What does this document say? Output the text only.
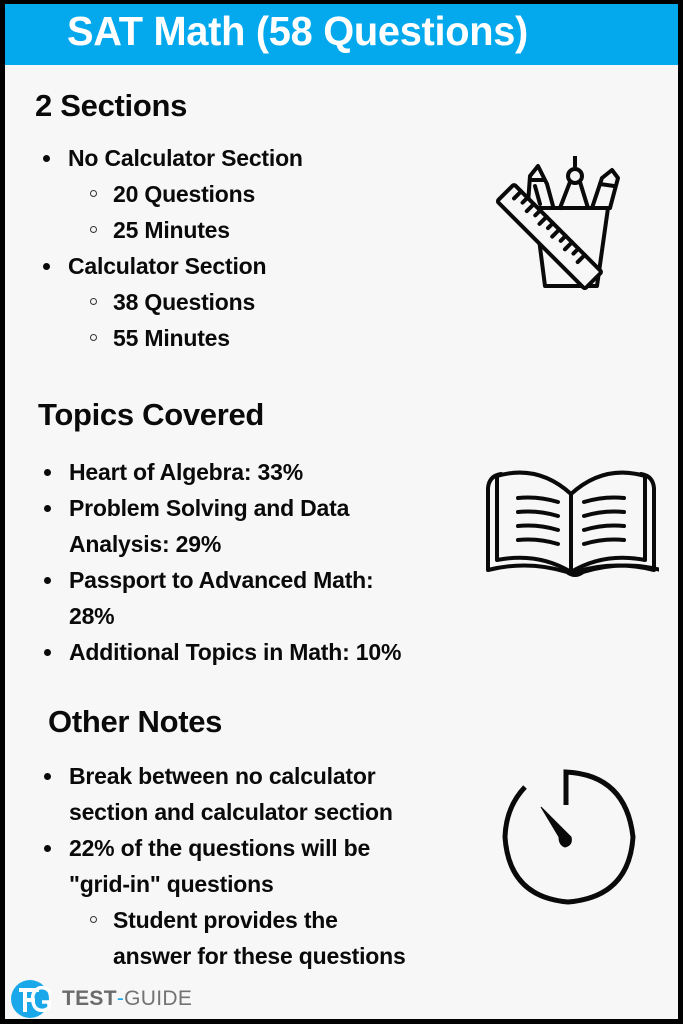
SAT Math (58 Questions)
2 Sections
No Calculator Section
20 Questions
25 Minutes
Calculator Section
38 Questions
55 Minutes
Topics Covered
Heart of Algebra: 33%
Problem Solving and Data
Analysis: 29%
Passport to Advanced Math:
28%
Additional Topics in Math: 10%
Other Notes
Break between no calculator
section and calculator section
22% of the questions will be
"grid-in" questions
Student provides the
answer for these questions
TEST-GUIDE
